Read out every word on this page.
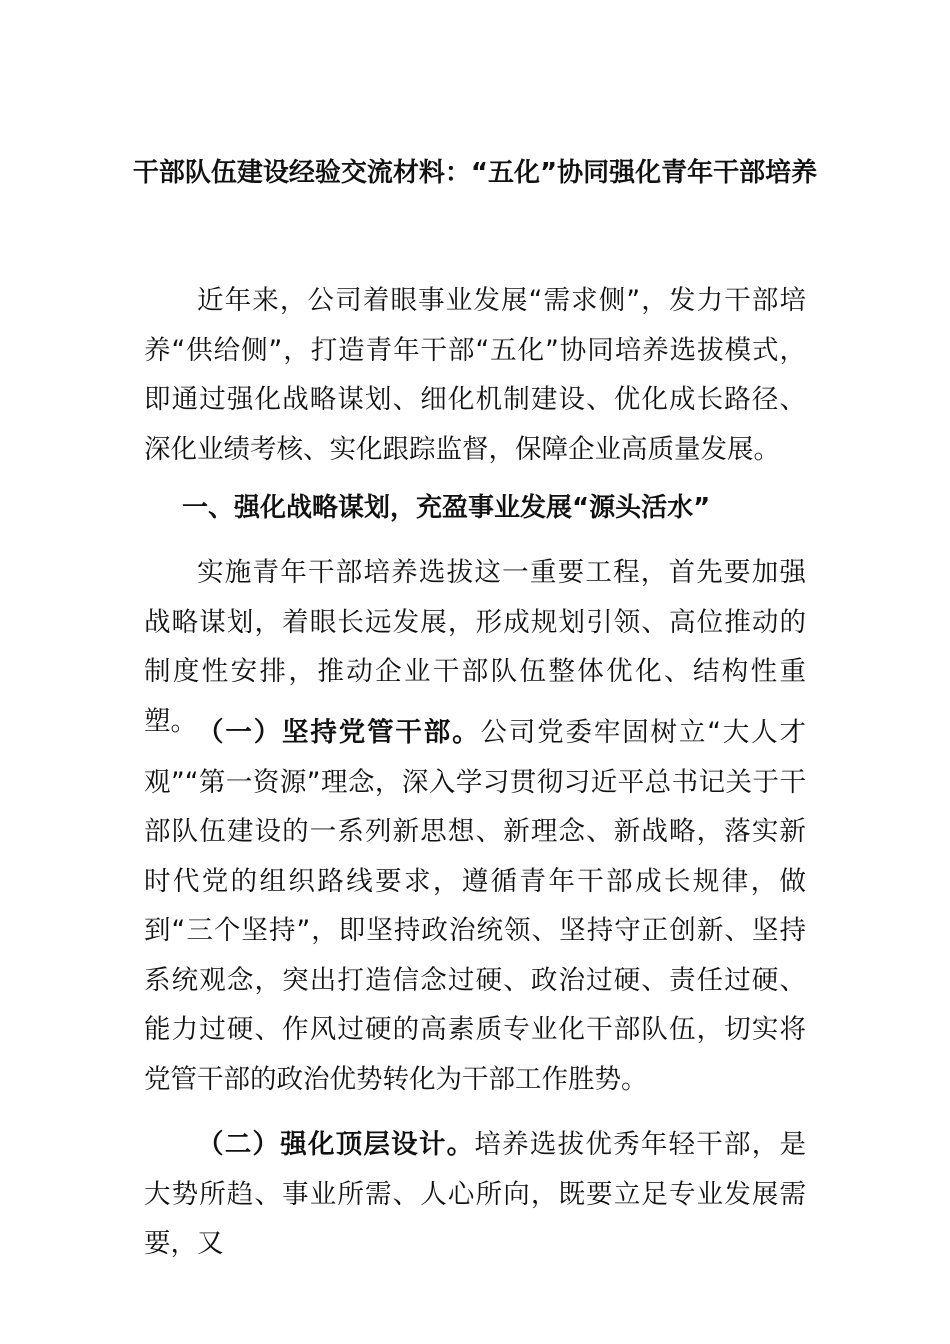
干部队伍建设经验交流材料：“五化”协同强化青年干部培养
近年来，公司着眼事业发展“需求侧”，发力干部培养“供给侧”，打造青年干部“五化”协同培养选拔模式，即通过强化战略谋划、细化机制建设、优化成长路径、深化业绩考核、实化跟踪监督，保障企业高质量发展。
一、强化战略谋划，充盈事业发展“源头活水”
实施青年干部培养选拔这一重要工程，首先要加强战略谋划，着眼长远发展，形成规划引领、高位推动的制度性安排，推动企业干部队伍整体优化、结构性重塑。 （一）坚持党管干部。公司党委牢固树立“大人才观”“第一资源”理念，深入学习贯彻习近平总书记关于干部队伍建设的一系列新思想、新理念、新战略，落实新时代党的组织路线要求，遵循青年干部成长规律，做到“三个坚持”，即坚持政治统领、坚持守正创新、坚持系统观念，突出打造信念过硬、政治过硬、责任过硬、能力过硬、作风过硬的高素质专业化干部队伍，切实将党管干部的政治优势转化为干部工作胜势。
（二）强化顶层设计。培养选拔优秀年轻干部，是大势所趋、事业所需、人心所向，既要立足专业发展需要，又
